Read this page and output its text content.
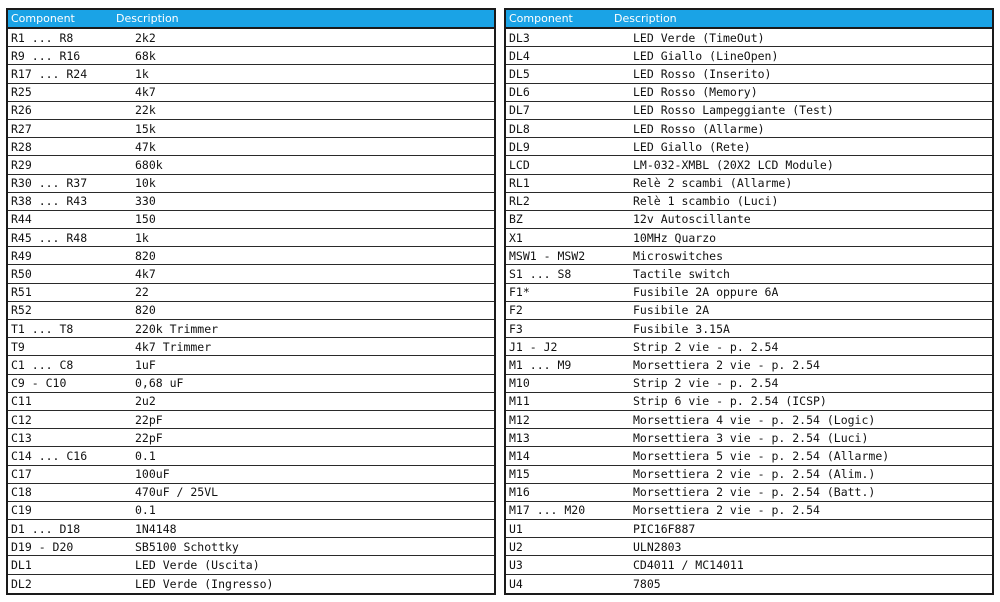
Component	Description
R1 ... R8	2k2
R9 ... R16	68k
R17 ... R24	1k
R25	4k7
R26	22k
R27	15k
R28	47k
R29	680k
R30 ... R37	10k
R38 ... R43	330
R44	150
R45 ... R48	1k
R49	820
R50	4k7
R51	22
R52	820
T1 ... T8	220k Trimmer
T9	4k7 Trimmer
C1 ... C8	1uF
C9 - C10	0,68 uF
C11	2u2
C12	22pF
C13	22pF
C14 ... C16	0.1
C17	100uF
C18	470uF / 25VL
C19	0.1
D1 ... D18	1N4148
D19 - D20	SB5100 Schottky
DL1	LED Verde (Uscita)
DL2	LED Verde (Ingresso)
Component	Description
DL3	LED Verde (TimeOut)
DL4	LED Giallo (LineOpen)
DL5	LED Rosso (Inserito)
DL6	LED Rosso (Memory)
DL7	LED Rosso Lampeggiante (Test)
DL8	LED Rosso (Allarme)
DL9	LED Giallo (Rete)
LCD	LM-032-XMBL (20X2 LCD Module)
RL1	Relè 2 scambi (Allarme)
RL2	Relè 1 scambio (Luci)
BZ	12v Autoscillante
X1	10MHz Quarzo
MSW1 - MSW2	Microswitches
S1 ... S8	Tactile switch
F1*	Fusibile 2A oppure 6A
F2	Fusibile 2A
F3	Fusibile 3.15A
J1 - J2	Strip 2 vie - p. 2.54
M1 ... M9	Morsettiera 2 vie - p. 2.54
M10	Strip 2 vie - p. 2.54
M11	Strip 6 vie - p. 2.54 (ICSP)
M12	Morsettiera 4 vie - p. 2.54 (Logic)
M13	Morsettiera 3 vie - p. 2.54 (Luci)
M14	Morsettiera 5 vie - p. 2.54 (Allarme)
M15	Morsettiera 2 vie - p. 2.54 (Alim.)
M16	Morsettiera 2 vie - p. 2.54 (Batt.)
M17 ... M20	Morsettiera 2 vie - p. 2.54
U1	PIC16F887
U2	ULN2803
U3	CD4011 / MC14011
U4	7805
